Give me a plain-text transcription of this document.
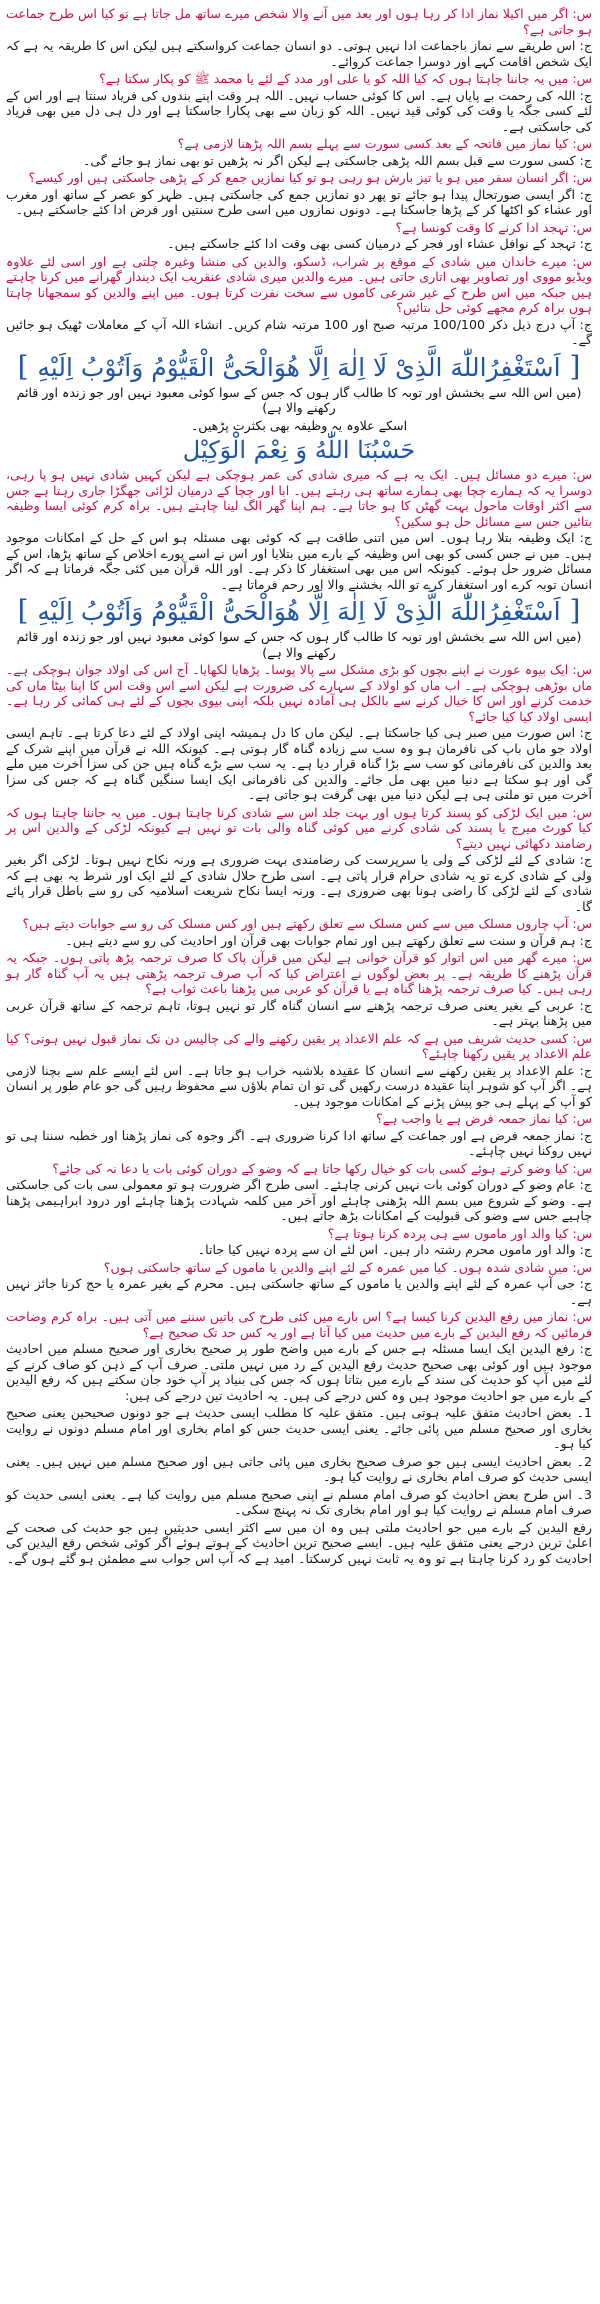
س: اگر میں اکیلا نماز ادا کر رہا ہوں اور بعد میں آنے والا شخص میرے ساتھ مل جاتا ہے تو کیا اس طرح جماعت ہو جاتی ہے؟
ج: اس طریقے سے نماز باجماعت ادا نہیں ہوتی۔ دو انسان جماعت کرواسکتے ہیں لیکن اس کا طریقہ یہ ہے کہ ایک شخص اقامت کہے اور دوسرا جماعت کروائے۔
س: میں یہ جاننا چاہتا ہوں کہ کیا اللہ کو یا علی اور مدد کے لئے یا محمد ﷺ کو پکار سکتا ہے؟
ج: اللہ کی رحمت بے پایاں ہے۔ اس کا کوئی حساب نہیں۔ اللہ ہر وقت اپنے بندوں کی فریاد سنتا ہے اور اس کے لئے کسی جگہ یا وقت کی کوئی قید نہیں۔ اللہ کو زبان سے بھی پکارا جاسکتا ہے اور دل ہی دل میں بھی فریاد کی جاسکتی ہے۔
س: کیا نماز میں فاتحہ کے بعد کسی سورت سے پہلے بسم اللہ پڑھنا لازمی ہے؟
ج: کسی سورت سے قبل بسم اللہ پڑھی جاسکتی ہے لیکن اگر نہ پڑھیں تو بھی نماز ہو جائے گی۔
س: اگر انسان سفر میں ہو یا تیز بارش ہو رہی ہو تو کیا نمازیں جمع کر کے پڑھی جاسکتی ہیں اور کیسے؟
ج: اگر ایسی صورتحال پیدا ہو جائے تو پھر دو نمازیں جمع کی جاسکتی ہیں۔ ظہر کو عصر کے ساتھ اور مغرب اور عشاء کو اکٹھا کر کے پڑھا جاسکتا ہے۔ دونوں نمازوں میں اسی طرح سنتیں اور فرض ادا کئے جاسکتے ہیں۔
س: تہجد ادا کرنے کا وقت کونسا ہے؟
ج: تہجد کے نوافل عشاء اور فجر کے درمیان کسی بھی وقت ادا کئے جاسکتے ہیں۔
س: میرے خاندان میں شادی کے موقع پر شراب، ڈسکو، والدین کی منشا وغیرہ چلتی ہے اور اسی لئے علاوہ ویڈیو مووی اور تصاویر بھی اتاری جاتی ہیں۔ میرے والدین میری شادی عنقریب ایک دیندار گھرانے میں کرنا چاہتے ہیں جبکہ میں اس طرح کے غیر شرعی کاموں سے سخت نفرت کرتا ہوں۔ میں اپنے والدین کو سمجھانا چاہتا ہوں براہ کرم مجھے کوئی حل بتائیں؟
ج: آپ درج ذیل ذکر 100/100 مرتبہ صبح اور 100 مرتبہ شام کریں۔ انشاء اللہ آپ کے معاملات ٹھیک ہو جائیں گے۔
[ اَسْتَغْفِرُاللّٰهَ الَّذِىْ لَا اِلٰهَ اِلَّا هُوَالْحَىُّ الْقَيُّوْمُ وَاَتُوْبُ اِلَيْهِ ]
(میں اس اللہ سے بخشش اور توبہ کا طالب گار ہوں کہ جس کے سوا کوئی معبود نہیں اور جو زندہ اور قائم رکھنے والا ہے)
اسکے علاوہ یہ وظیفہ بھی بکثرت پڑھیں۔
حَسْبُنَا اللّٰهُ وَ نِعْمَ الْوَكِيْل
س: میرے دو مسائل ہیں۔ ایک یہ ہے کہ میری شادی کی عمر ہوچکی ہے لیکن کہیں شادی نہیں ہو پا رہی، دوسرا یہ کہ ہمارے چچا بھی ہمارے ساتھ ہی رہتے ہیں۔ ابا اور چچا کے درمیان لڑائی جھگڑا جاری رہتا ہے جس سے اکثر اوقات ماحول بہت گھٹن کا ہو جاتا ہے۔ ہم اپنا گھر الگ لینا چاہتے ہیں۔ براہ کرم کوئی ایسا وظیفہ بتائیں جس سے مسائل حل ہو سکیں؟
ج: ایک وظیفہ بتلا رہا ہوں۔ اس میں اتنی طاقت ہے کہ کوئی بھی مسئلہ ہو اس کے حل کے امکانات موجود ہیں۔ میں نے جس کسی کو بھی اس وظیفہ کے بارے میں بتلایا اور اس نے اسے پورے اخلاص کے ساتھ پڑھا، اس کے مسائل ضرور حل ہوئے۔ کیونکہ اس میں بھی استغفار کا ذکر ہے۔ اور اللہ قرآن میں کئی جگہ فرماتا ہے کہ اگر انسان توبہ کرے اور استغفار کرے تو اللہ بخشنے والا اور رحم فرماتا ہے۔
[ اَسْتَغْفِرُاللّٰهَ الَّذِىْ لَا اِلٰهَ اِلَّا هُوَالْحَىُّ الْقَيُّوْمُ وَاَتُوْبُ اِلَيْهِ ]
(میں اس اللہ سے بخشش اور توبہ کا طالب گار ہوں کہ جس کے سوا کوئی معبود نہیں اور جو زندہ اور قائم رکھنے والا ہے)
س: ایک بیوہ عورت نے اپنے بچوں کو بڑی مشکل سے پالا پوسا۔ پڑھایا لکھایا۔ آج اس کی اولاد جوان ہوچکی ہے۔ ماں بوڑھی ہوچکی ہے۔ اب ماں کو اولاد کے سہارے کی ضرورت ہے لیکن اسے اس وقت اس کا اپنا بیٹا ماں کی خدمت کرنے اور اس کا خیال کرنے سے بالکل ہی آمادہ نہیں بلکہ اپنی بیوی بچوں کے لئے ہی کمائی کر رہا ہے۔ ایسی اولاد کیا کیا جائے؟
ج: اس صورت میں صبر ہی کیا جاسکتا ہے۔ لیکن ماں کا دل ہمیشہ اپنی اولاد کے لئے دعا کرتا ہے۔ تاہم ایسی اولاد جو ماں باپ کی نافرمان ہو وہ سب سے زیادہ گناہ گار ہوتی ہے۔ کیونکہ اللہ نے قرآن میں اپنے شرک کے بعد والدین کی نافرمانی کو سب سے بڑا گناہ قرار دیا ہے۔ یہ سب سے بڑے گناہ ہیں جن کی سزا آخرت میں ملے گی اور ہو سکتا ہے دنیا میں بھی مل جائے۔ والدین کی نافرمانی ایک ایسا سنگین گناہ ہے کہ جس کی سزا آخرت میں تو ملتی ہی ہے لیکن دنیا میں بھی گرفت ہو جاتی ہے۔
س: میں ایک لڑکی کو پسند کرتا ہوں اور بہت جلد اس سے شادی کرنا چاہتا ہوں۔ میں یہ جاننا چاہتا ہوں کہ کیا کورٹ میرج یا پسند کی شادی کرنے میں کوئی گناہ والی بات تو نہیں ہے کیونکہ لڑکی کے والدین اس پر رضامند دکھائی نہیں دیتے؟
ج: شادی کے لئے لڑکی کے ولی یا سرپرست کی رضامندی بہت ضروری ہے ورنہ نکاح نہیں ہوتا۔ لڑکی اگر بغیر ولی کے شادی کرے تو یہ شادی حرام قرار پاتی ہے۔ اسی طرح حلال شادی کے لئے ایک اور شرط یہ بھی ہے کہ شادی کے لئے لڑکی کا راضی ہونا بھی ضروری ہے۔ ورنہ ایسا نکاح شریعت اسلامیہ کی رو سے باطل قرار پائے گا۔
س: آپ چاروں مسلک میں سے کس مسلک سے تعلق رکھتے ہیں اور کس مسلک کی رو سے جوابات دیتے ہیں؟
ج: ہم قرآن و سنت سے تعلق رکھتے ہیں اور تمام جوابات بھی قرآن اور احادیث کی رو سے دیتے ہیں۔
س: میرے گھر میں اس اتوار کو قرآن خوانی ہے لیکن میں قرآن پاک کا صرف ترجمہ پڑھ پاتی ہوں۔ جبکہ یہ قرآن پڑھنے کا طریقہ ہے۔ پر بعض لوگوں نے اعتراض کیا کہ آپ صرف ترجمہ پڑھتی ہیں یہ آپ گناہ گار ہو رہی ہیں۔ کیا صرف ترجمہ پڑھنا گناہ ہے یا قرآن کو عربی میں پڑھنا باعث ثواب ہے؟
ج: عربی کے بغیر یعنی صرف ترجمہ پڑھنے سے انسان گناہ گار تو نہیں ہوتا، تاہم ترجمہ کے ساتھ قرآن عربی میں پڑھنا بہتر ہے۔
س: کسی حدیث شریف میں ہے کہ علم الاعداد پر یقین رکھنے والے کی چالیس دن تک نماز قبول نہیں ہوتی؟ کیا علم الاعداد پر یقین رکھنا چاہئے؟
ج: علم الاعداد پر یقین رکھنے سے انسان کا عقیدہ بلاشبہ خراب ہو جاتا ہے۔ اس لئے ایسے علم سے بچنا لازمی ہے۔ اگر آپ کو شوہر اپنا عقیدہ درست رکھیں گی تو ان تمام بلاؤں سے محفوظ رہیں گی جو عام طور پر انسان کو آپ کے پہلے ہی جو پیش پڑنے کے امکانات موجود ہیں۔
س: کیا نماز جمعہ فرض ہے یا واجب ہے؟
ج: نماز جمعہ فرض ہے اور جماعت کے ساتھ ادا کرنا ضروری ہے۔ اگر وجوہ کی نماز پڑھنا اور خطبہ سننا ہی تو نہیں روکنا نہیں چاہئے۔
س: کیا وضو کرتے ہوئے کسی بات کو خیال رکھا جاتا ہے کہ وضو کے دوران کوئی بات یا دعا نہ کی جائے؟
ج: عام وضو کے دوران کوئی بات نہیں کرنی چاہئے۔ اسی طرح اگر ضرورت ہو تو معمولی سی بات کی جاسکتی ہے۔ وضو کے شروع میں بسم اللہ پڑھنی چاہئے اور آخر میں کلمہ شہادت پڑھنا چاہئے اور درود ابراہیمی پڑھنا چاہیے جس سے وضو کی قبولیت کے امکانات بڑھ جاتے ہیں۔
س: کیا والد اور ماموں سے ہی پردہ کرنا ہوتا ہے؟
ج: والد اور ماموں محرم رشتہ دار ہیں۔ اس لئے ان سے پردہ نہیں کیا جاتا۔
س: میں شادی شدہ ہوں۔ کیا میں عمرہ کے لئے اپنے والدین یا ماموں کے ساتھ جاسکتی ہوں؟
ج: جی آپ عمرہ کے لئے اپنے والدین یا ماموں کے ساتھ جاسکتی ہیں۔ محرم کے بغیر عمرہ یا حج کرنا جائز نہیں ہے۔
س: نماز میں رفع الیدین کرنا کیسا ہے؟ اس بارے میں کئی طرح کی باتیں سننے میں آتی ہیں۔ براہ کرم وضاحت فرمائیں کہ رفع الیدین کے بارے میں حدیث میں کیا آتا ہے اور یہ کس حد تک صحیح ہے؟
ج: رفع الیدین ایک ایسا مسئلہ ہے جس کے بارے میں واضح طور پر صحیح بخاری اور صحیح مسلم میں احادیث موجود ہیں اور کوئی بھی صحیح حدیث رفع الیدین کے رد میں نہیں ملتی۔ صرف آپ کے ذہن کو صاف کرنے کے لئے میں آپ کو حدیث کی سند کے بارے میں بتاتا ہوں کہ جس کی بنیاد پر آپ خود جان سکتے ہیں کہ رفع الیدین کے بارے میں جو احادیث موجود ہیں وہ کس درجے کی ہیں۔ یہ احادیث تین درجے کی ہیں:
1۔ بعض احادیث متفق علیہ ہوتی ہیں۔ متفق علیہ کا مطلب ایسی حدیث ہے جو دونوں صحیحین یعنی صحیح بخاری اور صحیح مسلم میں پائی جائے۔ یعنی ایسی حدیث جس کو امام بخاری اور امام مسلم دونوں نے روایت کیا ہو۔
2۔ بعض احادیث ایسی ہیں جو صرف صحیح بخاری میں پائی جاتی ہیں اور صحیح مسلم میں نہیں ہیں۔ یعنی ایسی حدیث کو صرف امام بخاری نے روایت کیا ہو۔
3۔ اس طرح بعض احادیث کو صرف امام مسلم نے اپنی صحیح مسلم میں روایت کیا ہے۔ یعنی ایسی حدیث کو صرف امام مسلم نے روایت کیا ہو اور امام بخاری تک نہ پہنچ سکی۔
رفع الیدین کے بارے میں جو احادیث ملتی ہیں وہ ان میں سے اکثر ایسی حدیثیں ہیں جو حدیث کی صحت کے اعلیٰ ترین درجے یعنی متفق علیہ ہیں۔ ایسے صحیح ترین احادیث کے ہوتے ہوئے اگر کوئی شخص رفع الیدین کی احادیث کو رد کرنا چاہتا ہے تو وہ یہ ثابت نہیں کرسکتا۔ امید ہے کہ آپ اس جواب سے مطمئن ہو گئے ہوں گے۔
